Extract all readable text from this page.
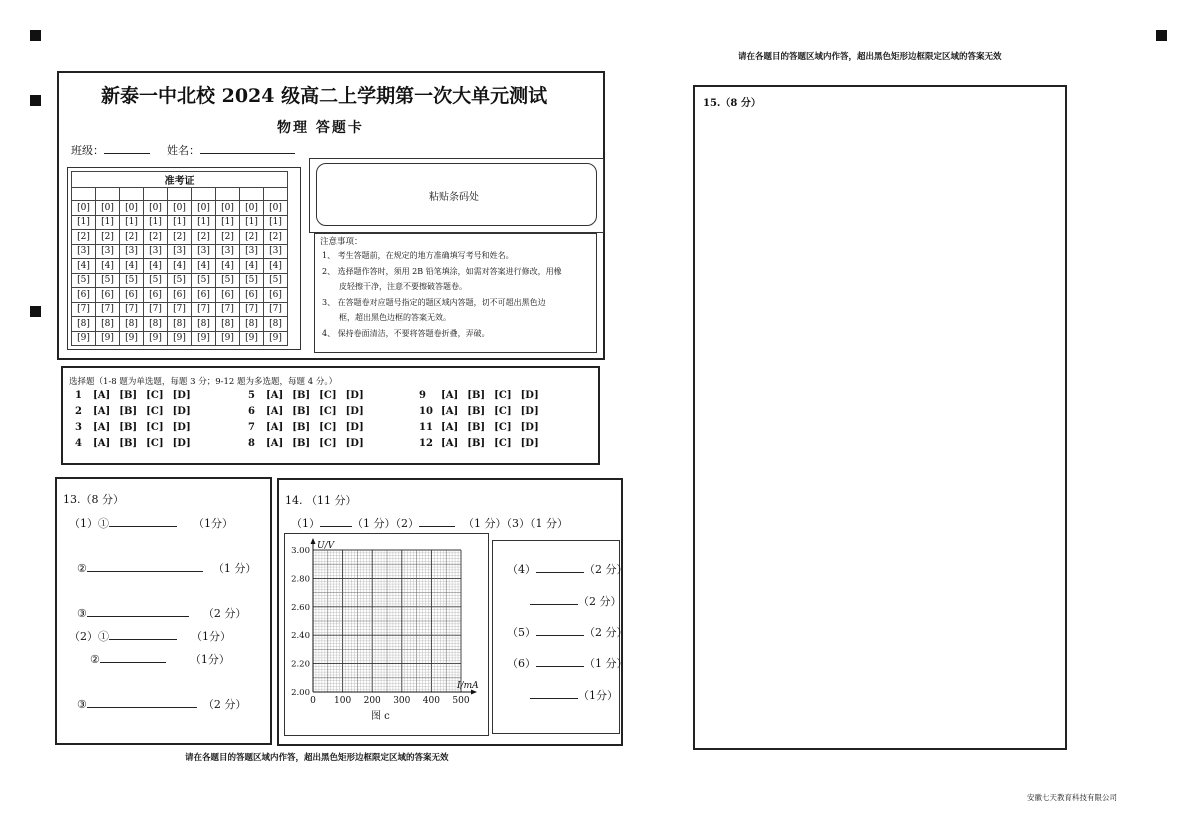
请在各题目的答题区域内作答，超出黑色矩形边框限定区域的答案无效
新泰一中北校 2024 级高二上学期第一次大单元测试
物理 答题卡
班级：	姓名：
准考证								

[0]	[0]	[0]	[0]	[0]	[0]	[0]	[0]	[0]
[1]	[1]	[1]	[1]	[1]	[1]	[1]	[1]	[1]
[2]	[2]	[2]	[2]	[2]	[2]	[2]	[2]	[2]
[3]	[3]	[3]	[3]	[3]	[3]	[3]	[3]	[3]
[4]	[4]	[4]	[4]	[4]	[4]	[4]	[4]	[4]
[5]	[5]	[5]	[5]	[5]	[5]	[5]	[5]	[5]
[6]	[6]	[6]	[6]	[6]	[6]	[6]	[6]	[6]
[7]	[7]	[7]	[7]	[7]	[7]	[7]	[7]	[7]
[8]	[8]	[8]	[8]	[8]	[8]	[8]	[8]	[8]
[9]	[9]	[9]	[9]	[9]	[9]	[9]	[9]	[9]
粘贴条码处
注意事项：
1、 考生答题前，在规定的地方准确填写考号和姓名。
2、 选择题作答时，须用 2B 铅笔填涂，如需对答案进行修改，用橡
皮轻擦干净，注意不要擦破答题卷。
3、 在答题卷对应题号指定的题区域内答题，切不可超出黑色边
框，超出黑色边框的答案无效。
4、 保持卷面清洁，不要将答题卷折叠，弄破。
选择题（1-8 题为单选题，每题 3 分；9-12 题为多选题，每题 4 分。）
1 [A] [B] [C] [D]
2 [A] [B] [C] [D]
3 [A] [B] [C] [D]
4 [A] [B] [C] [D]
5 [A] [B] [C] [D]
6 [A] [B] [C] [D]
7 [A] [B] [C] [D]
8 [A] [B] [C] [D]
9 [A] [B] [C] [D]
10 [A] [B] [C] [D]
11 [A] [B] [C] [D]
12 [A] [B] [C] [D]
13.（8 分）
（1）①	（1分）
②	（1 分）
③	（2 分）
（2）①	（1分）
②	（1分）
③	（2 分）
14. （11 分）
（1）	（1 分）（2）	（1 分）（3）（1 分）
0 100 200 300 400 500
3.00
2.80
2.60
2.40
2.20
2.00
I/mA
U/V
图 c
（4）	（2 分）
（2 分）
（5）	（2 分）
（6）	（1 分）
（1分）
请在各题目的答题区域内作答，超出黑色矩形边框限定区域的答案无效
15.（8 分）
安徽七天教育科技有限公司
